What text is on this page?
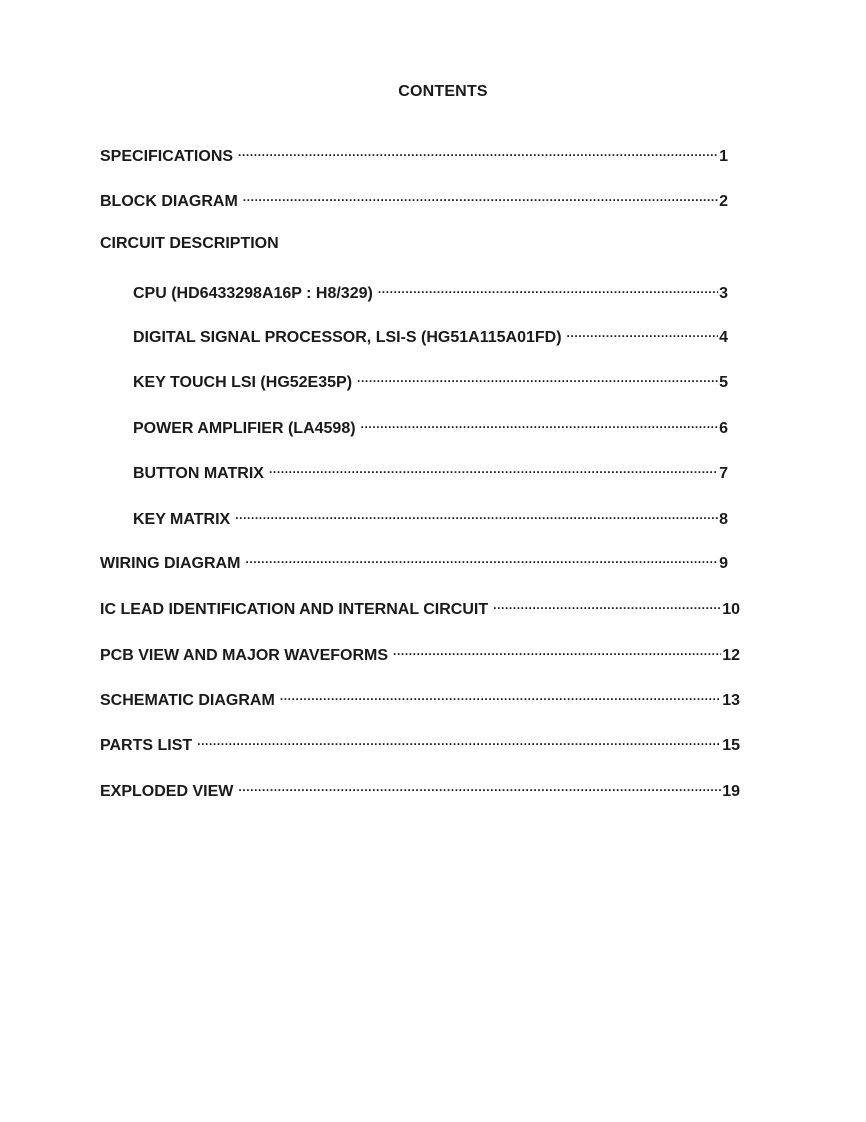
CONTENTS
SPECIFICATIONS .....	1
BLOCK DIAGRAM .....	2
CIRCUIT DESCRIPTION
CPU (HD6433298A16P : H8/329) .....	3
DIGITAL SIGNAL PROCESSOR, LSI-S (HG51A115A01FD) .....	4
KEY TOUCH LSI (HG52E35P) .....	5
POWER AMPLIFIER (LA4598) .....	6
BUTTON MATRIX .....	7
KEY MATRIX .....	8
WIRING DIAGRAM .....	9
IC LEAD IDENTIFICATION AND INTERNAL CIRCUIT .....	10
PCB VIEW AND MAJOR WAVEFORMS .....	12
SCHEMATIC DIAGRAM .....	13
PARTS LIST .....	15
EXPLODED VIEW .....	19
